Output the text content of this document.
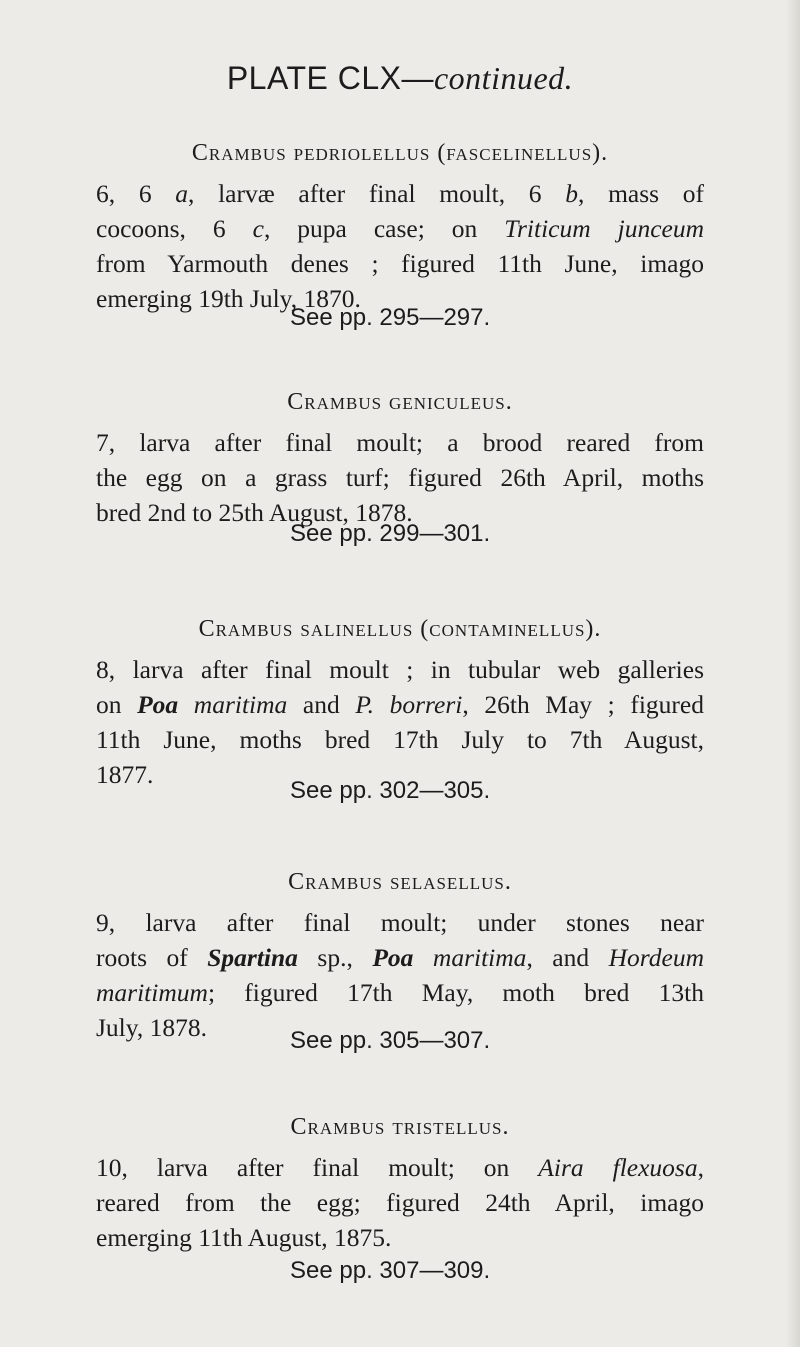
PLATE CLX—continued.
Crambus pedriolellus (fascelinellus).
6, 6 a, larvæ after final moult, 6 b, mass of
cocoons, 6 c, pupa case; on Triticum junceum
from Yarmouth denes ; figured 11th June, imago
emerging 19th July, 1870.
See pp. 295—297.
Crambus geniculeus.
7, larva after final moult; a brood reared from
the egg on a grass turf; figured 26th April, moths
bred 2nd to 25th August, 1878.
See pp. 299—301.
Crambus salinellus (contaminellus).
8, larva after final moult ; in tubular web galleries
on Poa maritima and P. borreri, 26th May ; figured
11th June, moths bred 17th July to 7th August,
1877.
See pp. 302—305.
Crambus selasellus.
9, larva after final moult; under stones near
roots of Spartina sp., Poa maritima, and Hordeum
maritimum; figured 17th May, moth bred 13th
July, 1878.	See pp. 305—307.
Crambus tristellus.
10, larva after final moult; on Aira flexuosa,
reared from the egg; figured 24th April, imago
emerging 11th August, 1875.
See pp. 307—309.
